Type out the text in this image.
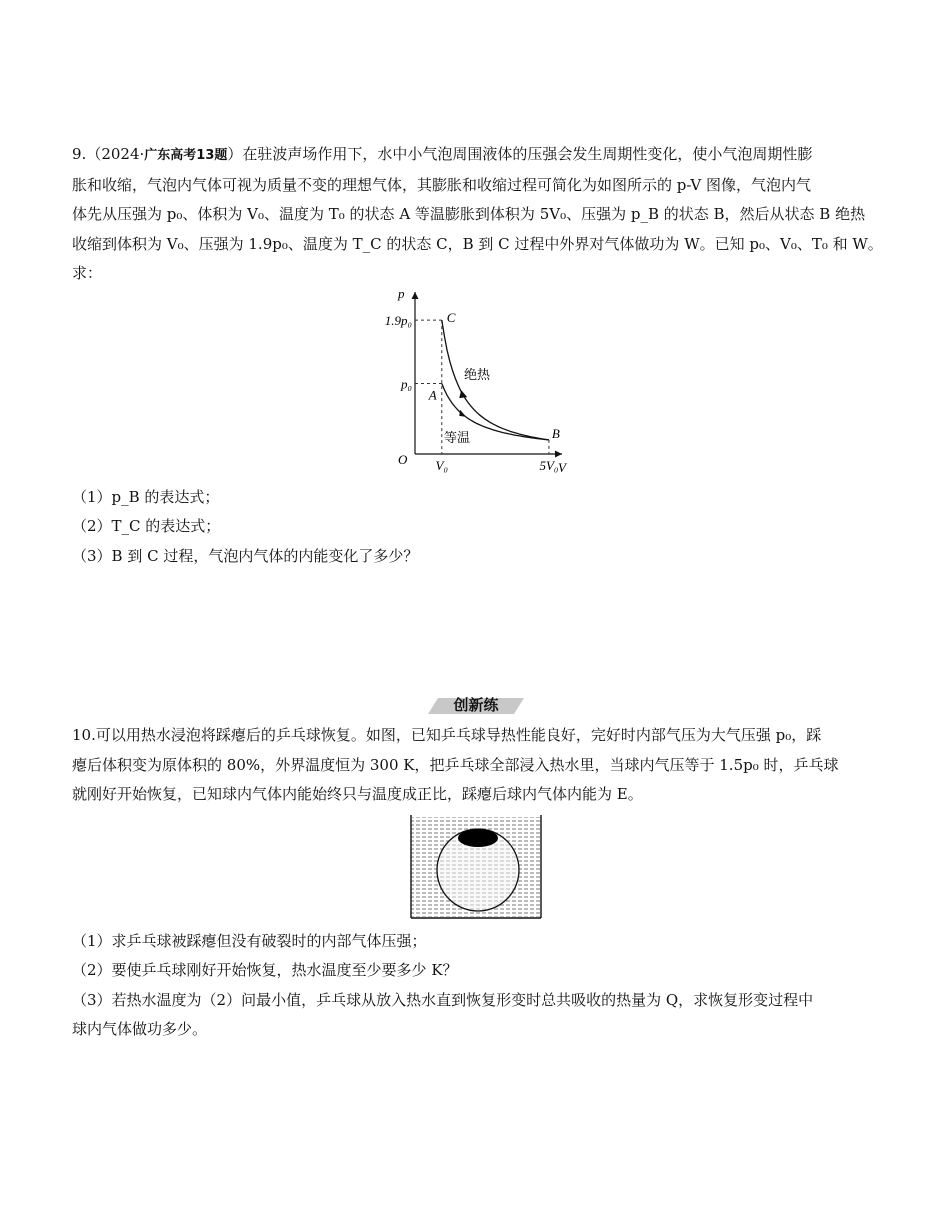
9.（2024·广东高考13题）在驻波声场作用下，水中小气泡周围液体的压强会发生周期性变化，使小气泡周期性膨
胀和收缩，气泡内气体可视为质量不变的理想气体，其膨胀和收缩过程可简化为如图所示的 p-V 图像，气泡内气
体先从压强为 p₀、体积为 V₀、温度为 T₀ 的状态 A 等温膨胀到体积为 5V₀、压强为 p_B 的状态 B，然后从状态 B 绝热
收缩到体积为 V₀、压强为 1.9p₀、温度为 T_C 的状态 C，B 到 C 过程中外界对气体做功为 W。已知 p₀、V₀、T₀ 和 W。
求：
p
V
O V₀	5V₀
1.9p₀
p₀
A
B
C
绝热
等温
（1）p_B 的表达式；
（2）T_C 的表达式；
（3）B 到 C 过程，气泡内气体的内能变化了多少？
创新练
10.可以用热水浸泡将踩瘪后的乒乓球恢复。如图，已知乒乓球导热性能良好，完好时内部气压为大气压强 p₀，踩
瘪后体积变为原体积的 80%，外界温度恒为 300 K，把乒乓球全部浸入热水里，当球内气压等于 1.5p₀ 时，乒乓球
就刚好开始恢复，已知球内气体内能始终只与温度成正比，踩瘪后球内气体内能为 E。
（1）求乒乓球被踩瘪但没有破裂时的内部气体压强；
（2）要使乒乓球刚好开始恢复，热水温度至少要多少 K？
（3）若热水温度为（2）问最小值，乒乓球从放入热水直到恢复形变时总共吸收的热量为 Q，求恢复形变过程中
球内气体做功多少。
